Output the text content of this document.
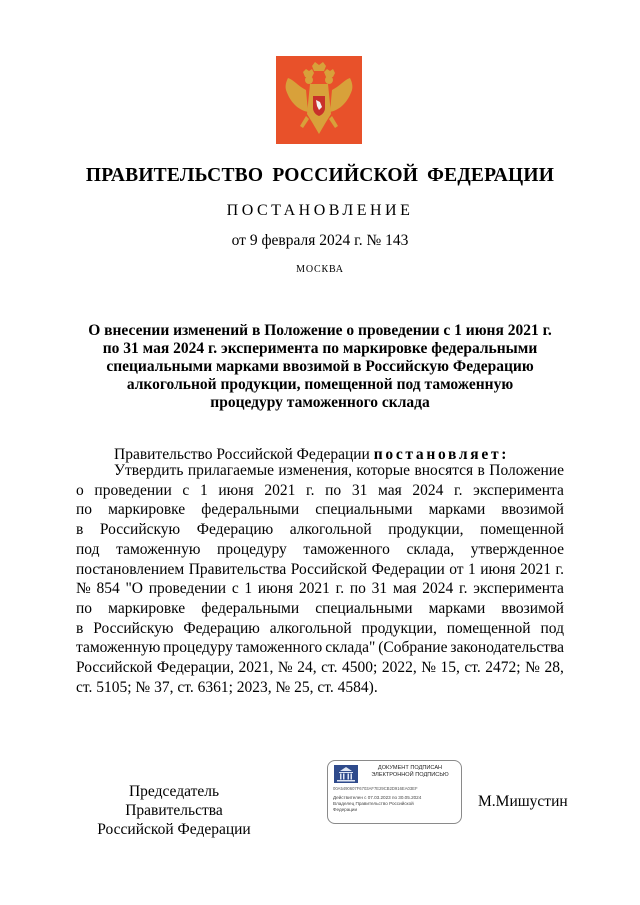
ПРАВИТЕЛЬСТВО РОССИЙСКОЙ ФЕДЕРАЦИИ
ПОСТАНОВЛЕНИЕ
от 9 февраля 2024 г. № 143
МОСКВА
О внесении изменений в Положение о проведении с 1 июня 2021 г.
по 31 мая 2024 г. эксперимента по маркировке федеральными
специальными марками ввозимой в Российскую Федерацию
алкогольной продукции, помещенной под таможенную
процедуру таможенного склада
Правительство Российской Федерации постановляет:
Утвердить прилагаемые изменения, которые вносятся в Положение
о проведении с 1 июня 2021 г. по 31 мая 2024 г. эксперимента
по маркировке федеральными специальными марками ввозимой
в Российскую Федерацию алкогольной продукции, помещенной
под таможенную процедуру таможенного склада, утвержденное
постановлением Правительства Российской Федерации от 1 июня 2021 г.
№ 854 "О проведении с 1 июня 2021 г. по 31 мая 2024 г. эксперимента
по маркировке федеральными специальными марками ввозимой
в Российскую Федерацию алкогольной продукции, помещенной под
таможенную процедуру таможенного склада" (Собрание законодательства
Российской Федерации, 2021, № 24, ст. 4500; 2022, № 15, ст. 2472; № 28,
ст. 5105; № 37, ст. 6361; 2023, № 25, ст. 4584).
Председатель Правительства
Российской Федерации
ДОКУМЕНТ ПОДПИСАН
ЭЛЕКТРОННОЙ ПОДПИСЬЮ
00A5490607F6703AF7E29CB2D916EA03EF
Действителен с 07.03.2023 по 30.05.2024
Владелец Правительство Российской
Федерации	М.Мишустин
